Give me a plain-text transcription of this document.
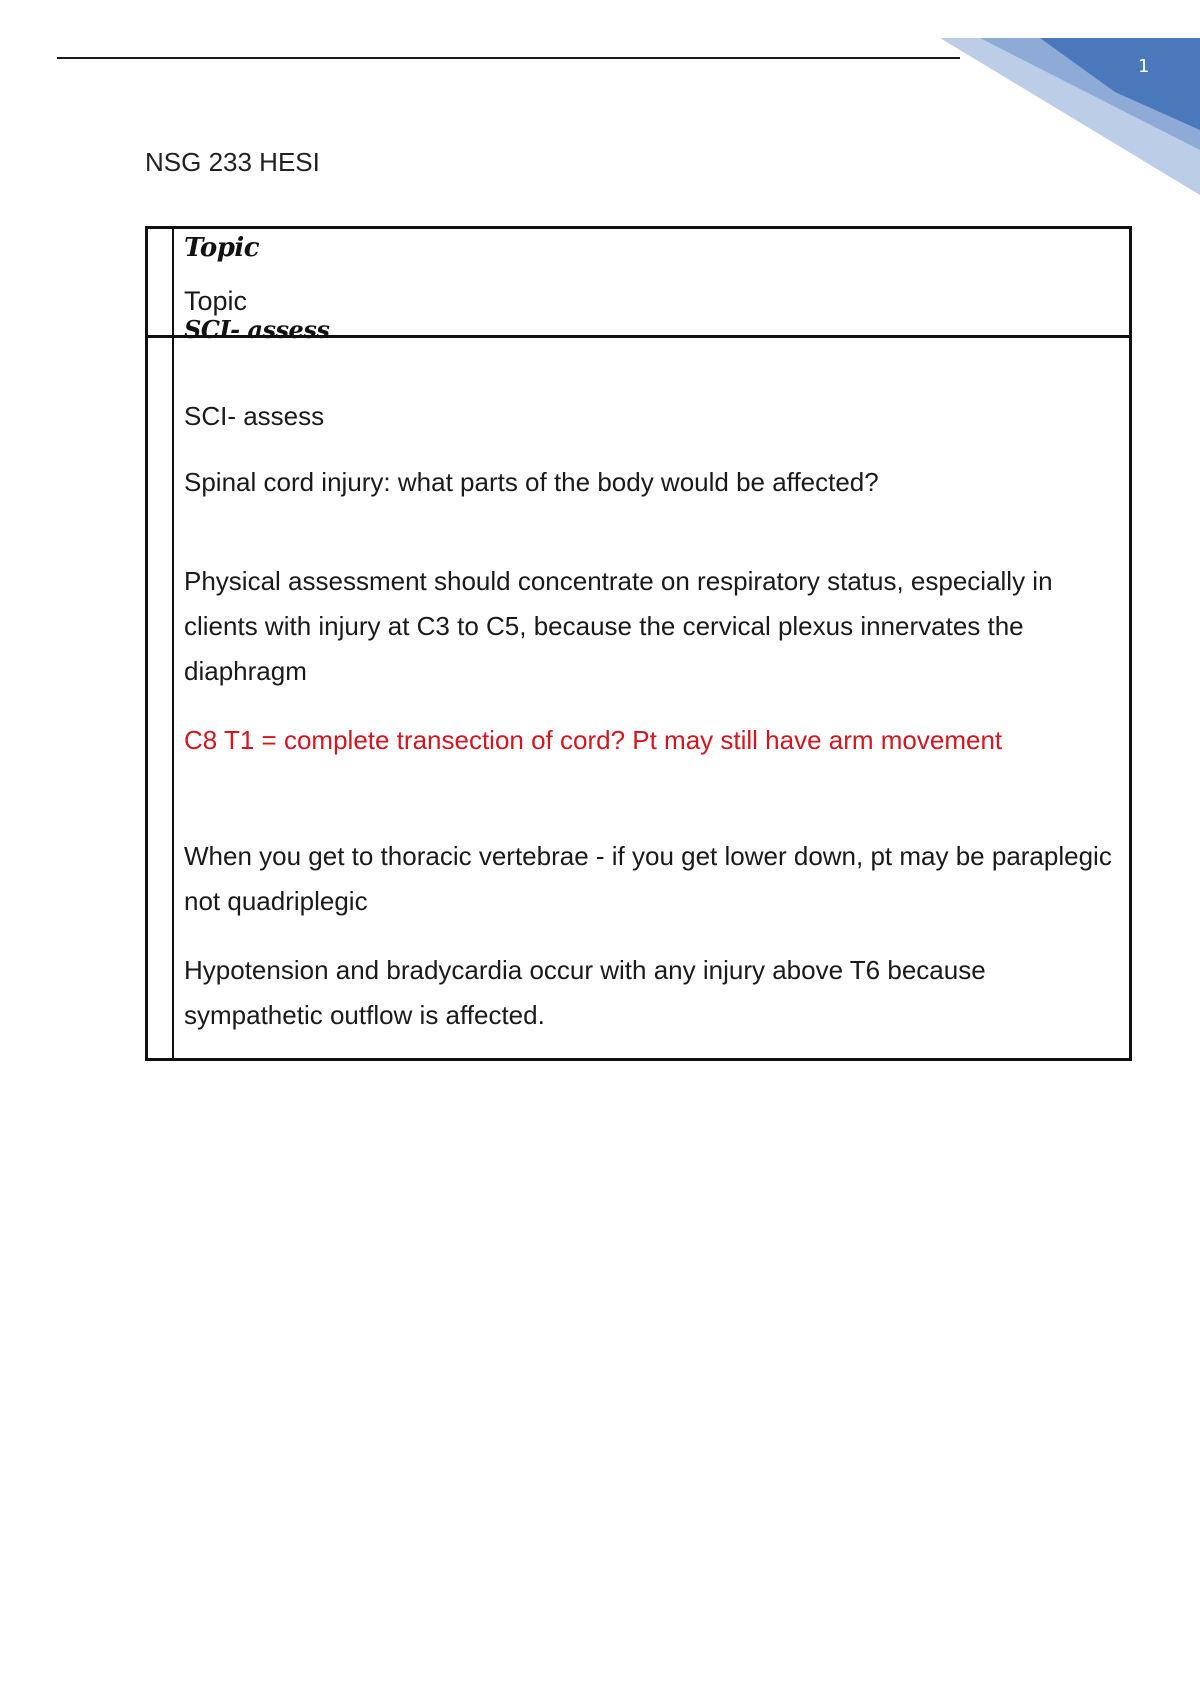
1
NSG 233 HESI
Topic
Topic
SCI- assess
SCI- assess
Spinal cord injury: what parts of the body would be affected?
Physical assessment should concentrate on respiratory status, especially in clients with injury at C3 to C5, because the cervical plexus innervates the diaphragm
C8 T1 = complete transection of cord? Pt may still have arm movement
When you get to thoracic vertebrae - if you get lower down, pt may be paraplegic not quadriplegic
Hypotension and bradycardia occur with any injury above T6 because sympathetic outflow is affected.
